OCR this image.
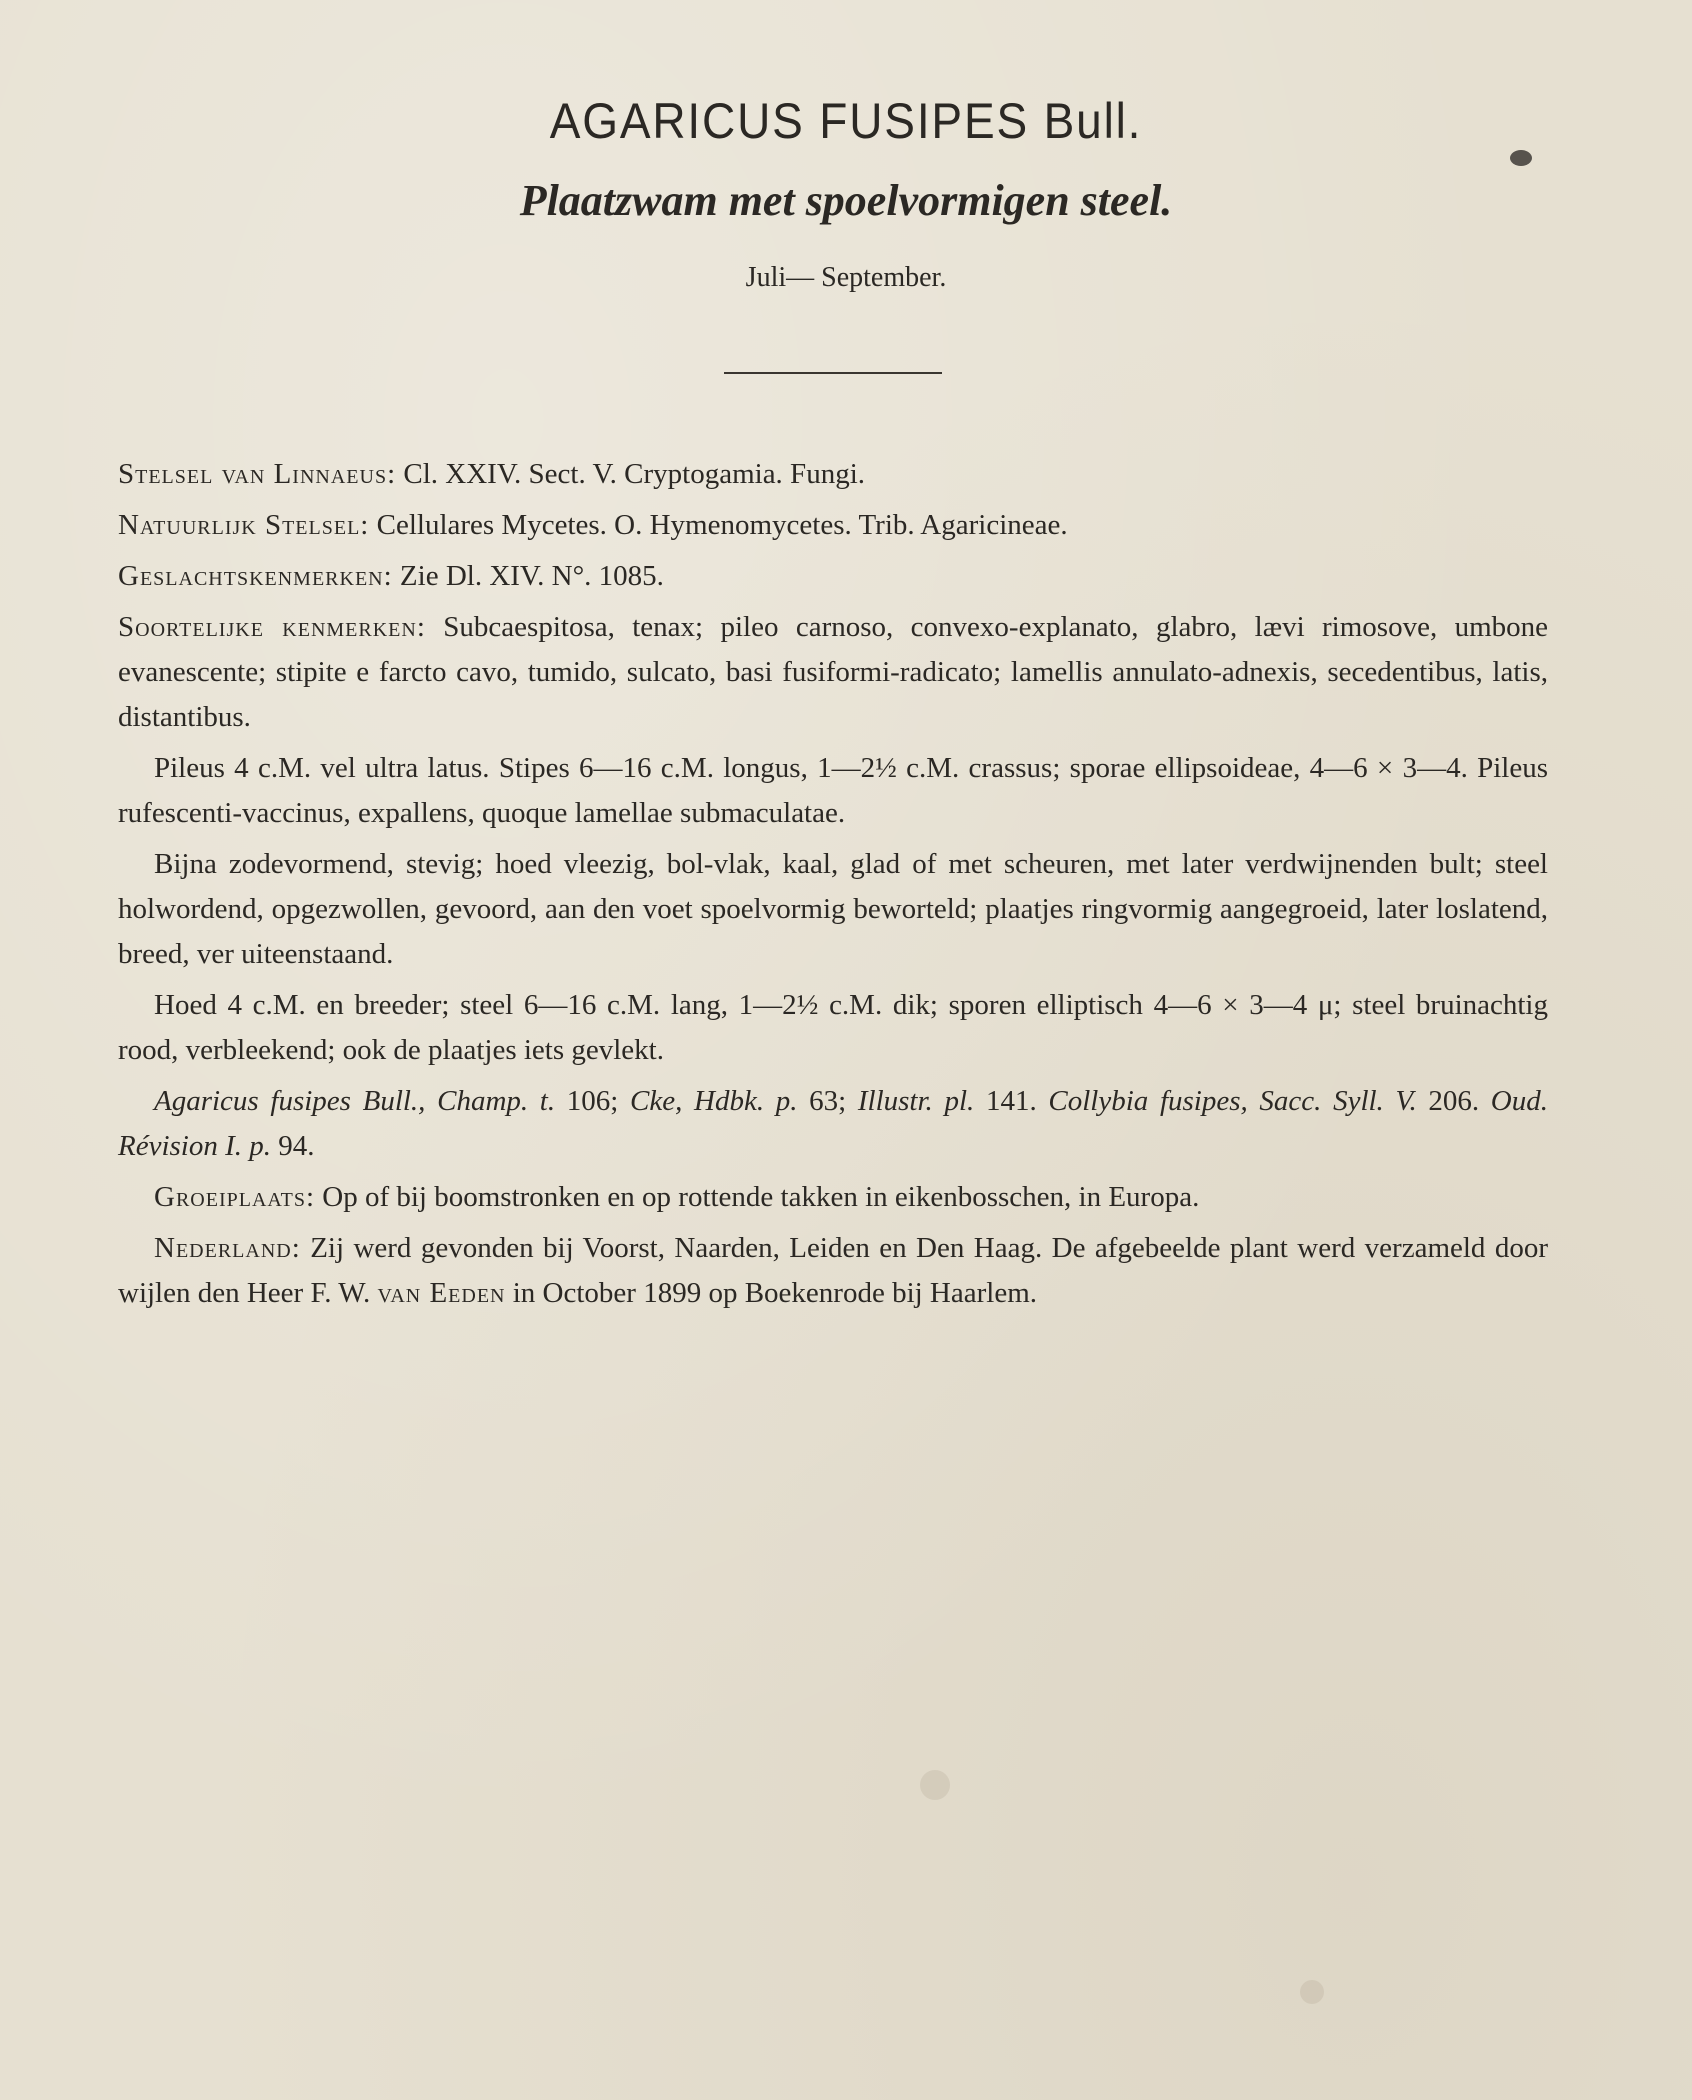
AGARICUS FUSIPES Bull.
Plaatzwam met spoelvormigen steel.
Juli— September.

Stelsel van Linnaeus: Cl. XXIV. Sect. V. Cryptogamia. Fungi.

Natuurlijk Stelsel: Cellulares Mycetes. O. Hymenomycetes. Trib. Agaricineae.

Geslachtskenmerken: Zie Dl. XIV. N°. 1085.

Soortelijke kenmerken: Subcaespitosa, tenax; pileo carnoso, convexo-explanato, glabro, lævi rimosove, umbone evanescente; stipite e farcto cavo, tumido, sulcato, basi fusiformi-radicato; lamellis annulato-adnexis, secedentibus, latis, distantibus.

Pileus 4 c.M. vel ultra latus. Stipes 6—16 c.M. longus, 1—2½ c.M. crassus; sporae ellipsoideae, 4—6 × 3—4. Pileus rufescenti-vaccinus, expallens, quoque lamellae submaculatae.

Bijna zodevormend, stevig; hoed vleezig, bol-vlak, kaal, glad of met scheuren, met later verdwijnenden bult; steel holwordend, opgezwollen, gevoord, aan den voet spoelvormig beworteld; plaatjes ringvormig aangegroeid, later loslatend, breed, ver uiteenstaand.

Hoed 4 c.M. en breeder; steel 6—16 c.M. lang, 1—2½ c.M. dik; sporen elliptisch 4—6 × 3—4 μ; steel bruinachtig rood, verbleekend; ook de plaatjes iets gevlekt.

Agaricus fusipes Bull., Champ. t. 106; Cke, Hdbk. p. 63; Illustr. pl. 141. Collybia fusipes, Sacc. Syll. V. 206. Oud. Révision I. p. 94.

Groeiplaats: Op of bij boomstronken en op rottende takken in eikenbosschen, in Europa.

Nederland: Zij werd gevonden bij Voorst, Naarden, Leiden en Den Haag. De afgebeelde plant werd verzameld door wijlen den Heer F. W. van Eeden in October 1899 op Boekenrode bij Haarlem.
